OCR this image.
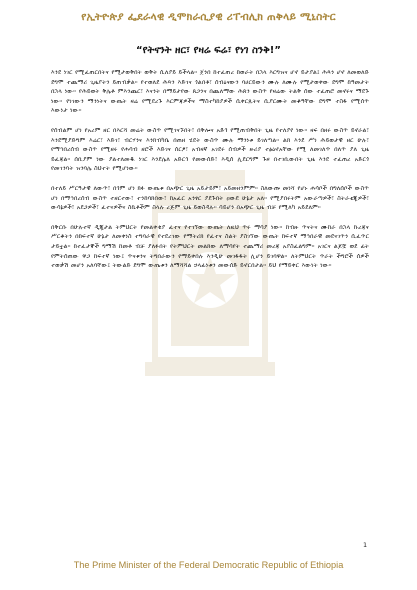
የኢትዮጵያ ፌደራላዊ ዲሞክራሲያዊ ሪፐብሊክ ጠቅላይ ሚኒስትር
“የትናንት ዘር፣ የዛሬ ፍሬ፣ የነገ ስንቅ!”

እንደ ነገር የሚፈጠርበትና የሚታወቅበት ወቅት ሲለያይ ይችላል። ጀንበ ከተፈጠረ ከወራት በኋላ እርግዝና ሆኖ ይታያል፤ ሕጻን ሆኖ ለመወለድ ደግሞ ተጨማሪ ጊዜያትን ይጠብቃል። የተወለደ ሕጻን እድገና ጎልበቶ፣ ሰብዕናውን ባሀርይውን ሙሉ ለሙሉ የሚታወቀው ደግሞ ከዓመታት በኋላ ነው። የሕይወት ቅሌቶ ምእንጨር፣ እናንት በማይታየው ጸጋንና በጨለማው ሕጸን ውስጥ የዛሬው ትልቅ ሰው ተፈጠሮ መኖሩና ማደጉ ነው። የነገውን ማንነትና ውጤት ዛሬ የሚደረጉ እርምጃዎችና ማስተካከያዎች ሲቀርጹትና ሲያርሙት መቆዓቸው ደግሞ ተስፋ የሚሰጥ እውነታ ነው።

የሰብልም ሆነ የአረም ዘር በእርሻ መሬት ውስጥ የሚገናኙበት፣ በቅሎና አድጎ የሚጠብቅበት ጊዜ የተለያየ ነው። ዛፍ በዘሩ ውስጥ ይኖራል፣ እንደሚያድግም እሬር፣ እድገ፣ ብርሃንና እንክብካቤ በጠዘ ሂደት ውስጥ ሙሉ ማንነቱ ይገለጣል። ልክ እንደ ሥነ ሕይወታዊ ዘር ሁሉ፣ የማኅበረሰብ ውስጥ የሚዘሩ የሐሳብ ዘሮች እድገና ሰርፆ፣ አብዛኛ አገደሩ ሰብዎች ዙሪያ ተፅዕኖአቸው የሚ ለመገለጥ በለጥ ያለ ጊዜ ይፈጃል። ሰቢያም ነው ያልተለመዱ ነገር እንደሌለ አድርጎ የመውሰድ፣ እዲሰ ሊደርግም ጉዞ በተገቢውበት ጊዜ እንደ ተፈጠረ አድርጎ የመገንባት ዝንባሌ ስህተት የሚሆነው።

በተለይ ሥርዓታዊ ለውጥ፣ በጎም ሆነ ክፉ ውጤቱ በአጭር ጊዜ አይታይም፣ አይመዘንምም። ስለውጡ መነሻ የሆኑ ሐሳቦች በግለሰቦች ውስጥ ሆነ በማኅበረሰብ ውስጥ ተዘርተው፣ ተንከባክበው፣ ከአፈር አንፃር ያደጉበት ዐውደ ሁኔታ አለ። የሚያበሩትም አውራጣዎች፣ ስትራቴጂዎች፣ ውሳኔዎች፣ አደጋዎች፣ ፈተናዎችና ስኬቶችም ስላሉ ረጅም ጊዜ ይወስዳሉ። ሳይሆን በአጭር ጊዜ ብቻ የሚለካ አይደለም።

በቅርቡ በሁሉተኛ ዲጂታል ትምህርት የመልቀቂያ ፈተና የተገኘው ውጤት ለዚህ ጥሩ ማሳያ ነው። ከብዙ ጥናትና ሙከራ በኋላ ኩረጃና ሥርቆትን በከፍተኛ ሁኔታ ለመቀነስ ተግባራዊ የተደረገው የማትሪክ የፈተና ስልት ያስገኘው ውጤት ከፍተኛ ማኅበራዊ መደናገጥን ሲፈጥር ታይቷል። ከተፈታኞች ግማሽ ከመቶ ብቻ ያለፉበት የትምህርት መልክው ለማሳየት ተጨማሪ መረጃ አያስፈልግም። አገርና ልጆቿ ወደ ፊት የምትሰጠው ዋጋ ከፍተኛ ነው፤ ጥናቱንና ትግበራውን የማይቀበሉ እንዲሁ መገፋፋት ሊሆን ይገባዋል። ለትምህርት ጥራት ችግሮች ሰዎች ተወቃሽ መሆን አለባቸው፤ ትውልድ ደግሞ ውጤቱን ለማሻሻል ኃላፊነቱን መውሰድ ይኖርበታል። ይህ የማይቀር እውነት ነው።

1
The Prime Minister of the Federal Democratic Republic of Ethiopia
